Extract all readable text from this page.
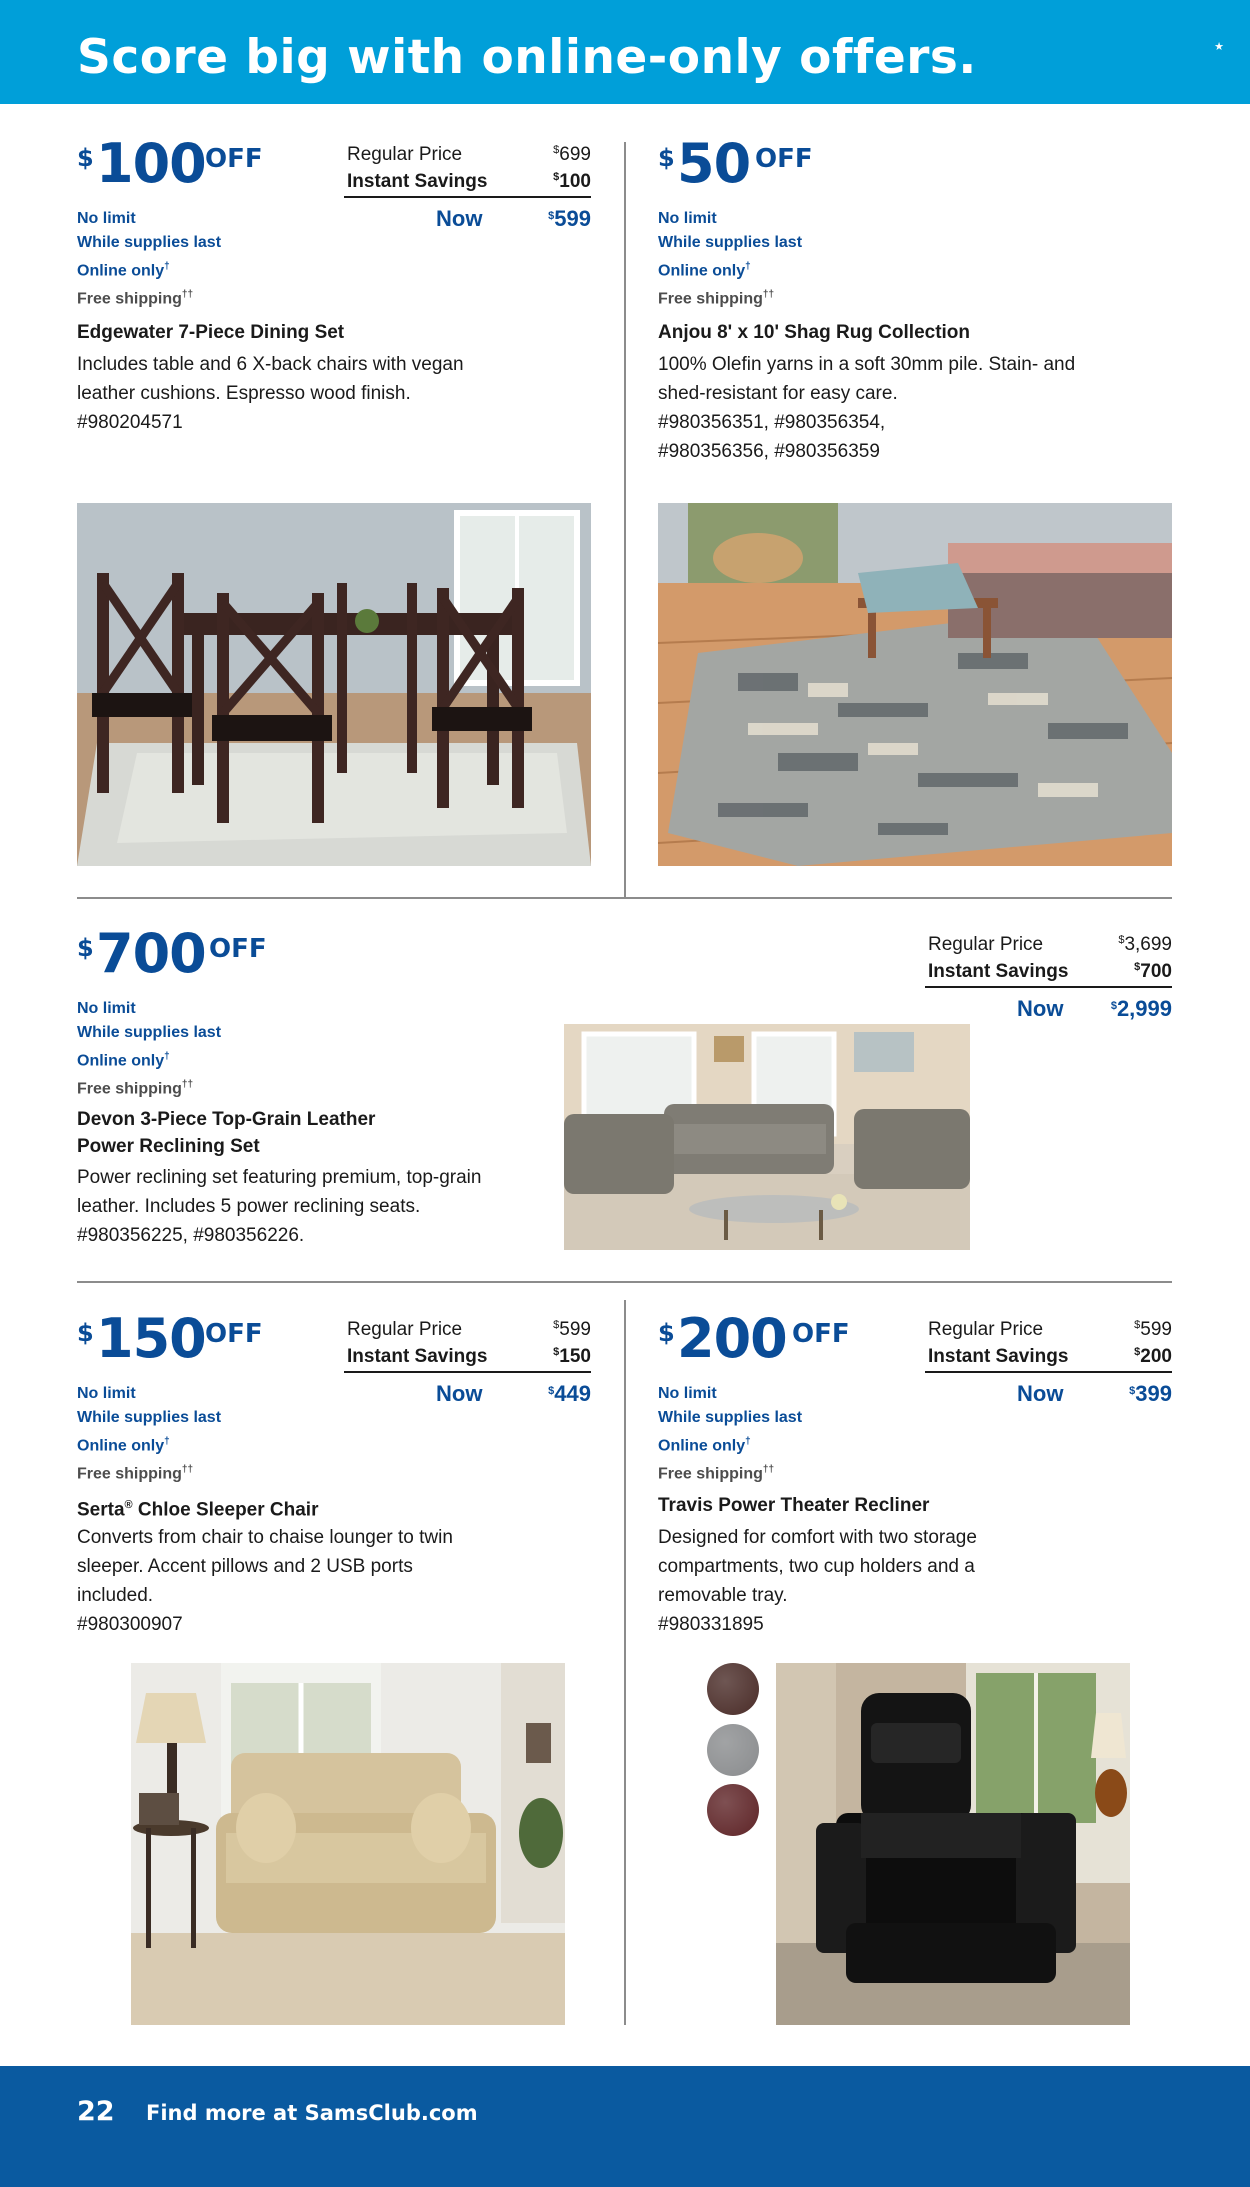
Score big with online-only offers.	★
$ 100 OFF	Regular Price	$699
Instant Savings	$100
Now	$599
No limit
While supplies last
Online only†
Free shipping††
Edgewater 7-Piece Dining Set
Includes table and 6 X-back chairs with vegan leather cushions. Espresso wood finish.
#980204571
$ 50 OFF
No limit
While supplies last
Online only†
Free shipping††
Anjou 8' x 10' Shag Rug Collection
100% Olefin yarns in a soft 30mm pile. Stain- and shed-resistant for easy care.
#980356351, #980356354, #980356356, #980356359
$ 700 OFF	Regular Price	$3,699
Instant Savings	$700
Now	$2,999
No limit
While supplies last
Online only†
Free shipping††
Devon 3-Piece Top-Grain Leather Power Reclining Set
Power reclining set featuring premium, top-grain leather. Includes 5 power reclining seats.
#980356225, #980356226.
$ 150 OFF	Regular Price	$599
Instant Savings	$150
Now	$449
No limit
While supplies last
Online only†
Free shipping††
Serta® Chloe Sleeper Chair
Converts from chair to chaise lounger to twin sleeper. Accent pillows and 2 USB ports included.
#980300907
$ 200 OFF	Regular Price	$599
Instant Savings	$200
Now	$399
No limit
While supplies last
Online only†
Free shipping††
Travis Power Theater Recliner
Designed for comfort with two storage compartments, two cup holders and a removable tray.
#980331895
22 Find more at SamsClub.com
